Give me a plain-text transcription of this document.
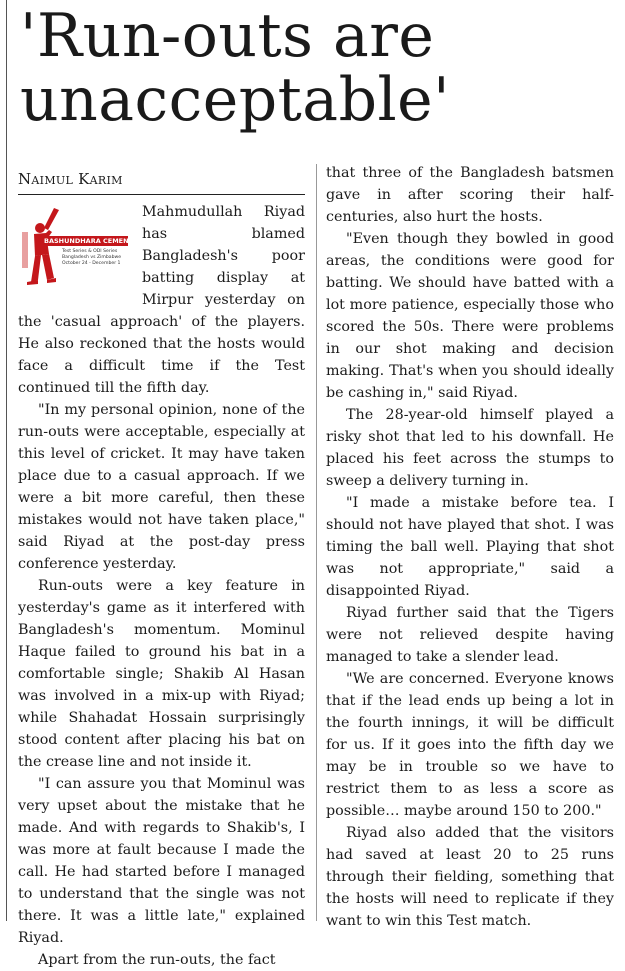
'Run-outs are unacceptable'
Naimul Karim
BASHUNDHARA CEMENT
Test Series & ODI Series
Bangladesh vs Zimbabwe
October 24 - December 1

Mahmudullah Riyad has blamed Bangladesh's poor batting display at Mirpur yesterday on the 'casual approach' of the players. He also reckoned that the hosts would face a difficult time if the Test continued till the fifth day.

"In my personal opinion, none of the run-outs were acceptable, especially at this level of cricket. It may have taken place due to a casual approach. If we were a bit more careful, then these mistakes would not have taken place," said Riyad at the post-day press conference yesterday.

Run-outs were a key feature in yesterday's game as it interfered with Bangladesh's momentum. Mominul Haque failed to ground his bat in a comfortable single; Shakib Al Hasan was involved in a mix-up with Riyad; while Shahadat Hossain surprisingly stood content after placing his bat on the crease line and not inside it.

"I can assure you that Mominul was very upset about the mistake that he made. And with regards to Shakib's, I was more at fault because I made the call. He had started before I managed to understand that the single was not there. It was a little late," explained Riyad.

Apart from the run-outs, the fact

that three of the Bangladesh batsmen gave in after scoring their half-centuries, also hurt the hosts.

"Even though they bowled in good areas, the conditions were good for batting. We should have batted with a lot more patience, especially those who scored the 50s. There were problems in our shot making and decision making. That's when you should ideally be cashing in," said Riyad.

The 28-year-old himself played a risky shot that led to his downfall. He placed his feet across the stumps to sweep a delivery turning in.

"I made a mistake before tea. I should not have played that shot. I was timing the ball well. Playing that shot was not appropriate," said a disappointed Riyad.

Riyad further said that the Tigers were not relieved despite having managed to take a slender lead.

"We are concerned. Everyone knows that if the lead ends up being a lot in the fourth innings, it will be difficult for us. If it goes into the fifth day we may be in trouble so we have to restrict them to as less a score as possible… maybe around 150 to 200."

Riyad also added that the visitors had saved at least 20 to 25 runs through their fielding, something that the hosts will need to replicate if they want to win this Test match.
